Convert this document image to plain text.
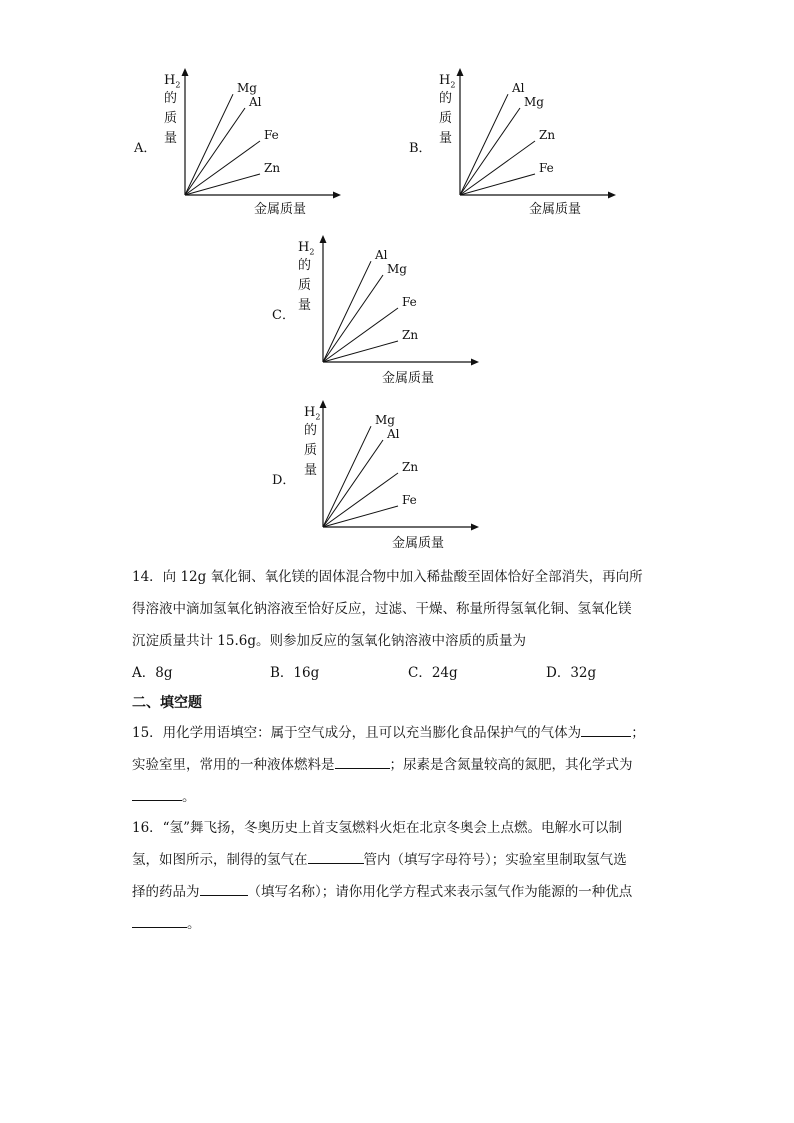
A．
$H_2$
的
质
量
Mg
Al
Fe
Zn
金属质量
B．
$H_2$
的
质
量
Al
Mg
Zn
Fe
金属质量
C．
$H_2$
的
质
量
Al
Mg
Fe
Zn
金属质量
D．
$H_2$
的
质
量
Mg
Al
Zn
Fe
金属质量
14．向 12g 氧化铜、氧化镁的固体混合物中加入稀盐酸至固体恰好全部消失，再向所
得溶液中滴加氢氧化钠溶液至恰好反应，过滤、干燥、称量所得氢氧化铜、氢氧化镁
沉淀质量共计 15.6g。则参加反应的氢氧化钠溶液中溶质的质量为
A．8g	B．16g	C．24g	D．32g
二、填空题
15．用化学用语填空：属于空气成分，且可以充当膨化食品保护气的气体为	；
实验室里，常用的一种液体燃料是	；尿素是含氮量较高的氮肥，其化学式为
。
16．“氢”舞飞扬，冬奥历史上首支氢燃料火炬在北京冬奥会上点燃。电解水可以制
氢，如图所示，制得的氢气在	管内（填写字母符号）；实验室里制取氢气选
择的药品为	（填写名称）；请你用化学方程式来表示氢气作为能源的一种优点
。
